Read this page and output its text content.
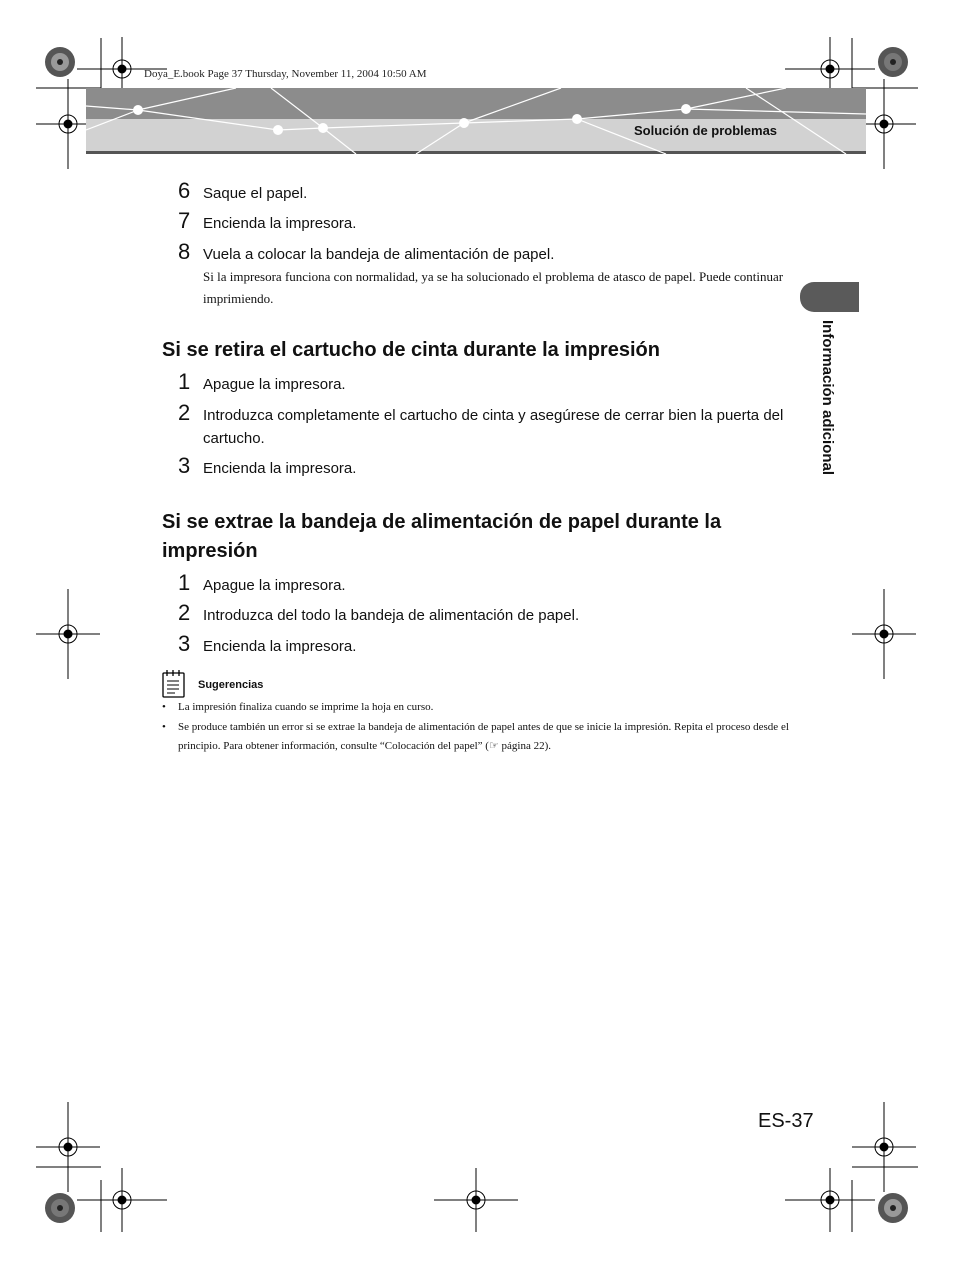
Doya_E.book Page 37 Thursday, November 11, 2004 10:50 AM
Solución de problemas
Información adicional
6 Saque el papel.
7 Encienda la impresora.
8 Vuela a colocar la bandeja de alimentación de papel.
Si la impresora funciona con normalidad, ya se ha solucionado el problema de atasco de papel. Puede continuar imprimiendo.
Si se retira el cartucho de cinta durante la impresión
1 Apague la impresora.
2 Introduzca completamente el cartucho de cinta y asegúrese de cerrar bien la puerta del cartucho.
3 Encienda la impresora.
Si se extrae la bandeja de alimentación de papel durante la impresión
1 Apague la impresora.
2 Introduzca del todo la bandeja de alimentación de papel.
3 Encienda la impresora.
Sugerencias
•	La impresión finaliza cuando se imprime la hoja en curso.
•	Se produce también un error si se extrae la bandeja de alimentación de papel antes de que se inicie la impresión. Repita el proceso desde el principio. Para obtener información, consulte “Colocación del papel” (☞ página 22).
ES-37
